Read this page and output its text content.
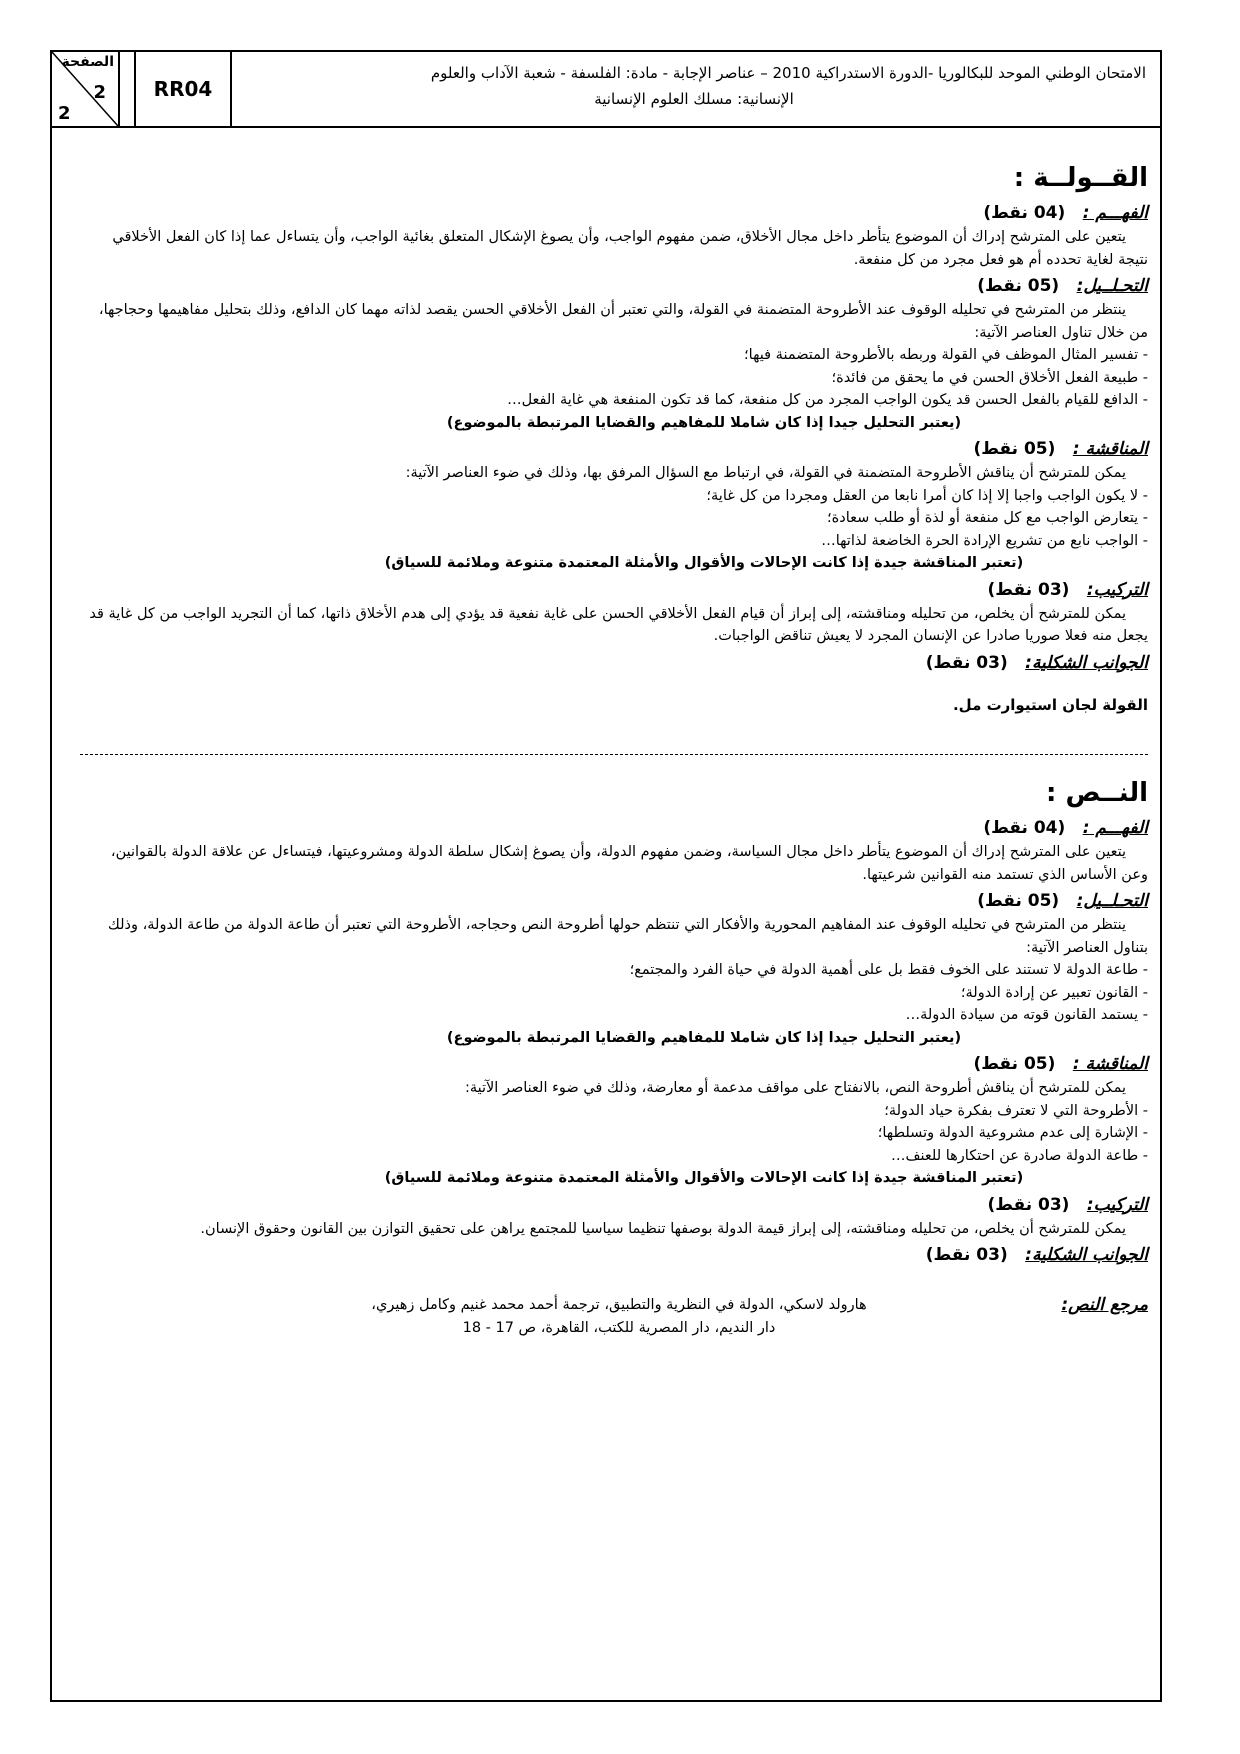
الصفحة
2
2
RR04
الامتحان الوطني الموحد للبكالوريا -الدورة الاستدراكية 2010 – عناصر الإجابة - مادة: الفلسفة - شعبة الآداب والعلوم
الإنسانية: مسلك العلوم الإنسانية
القــولــة :
الفهـــم : (04 نقط)

يتعين على المترشح إدراك أن الموضوع يتأطر داخل مجال الأخلاق، ضمن مفهوم الواجب، وأن يصوغ الإشكال المتعلق بغائية الواجب، وأن يتساءل عما إذا كان الفعل الأخلاقي نتيجة لغاية تحدده أم هو فعل مجرد من كل منفعة.

التحـلــيل: (05 نقط)

ينتظر من المترشح في تحليله الوقوف عند الأطروحة المتضمنة في القولة، والتي تعتبر أن الفعل الأخلاقي الحسن يقصد لذاته مهما كان الدافع، وذلك بتحليل مفاهيمها وحجاجها، من خلال تناول العناصر الآتية:

- تفسير المثال الموظف في القولة وربطه بالأطروحة المتضمنة فيها؛

- طبيعة الفعل الأخلاق الحسن في ما يحقق من فائدة؛

- الدافع للقيام بالفعل الحسن قد يكون الواجب المجرد من كل منفعة، كما قد تكون المنفعة هي غاية الفعل…

(يعتبر التحليل جيدا إذا كان شاملا للمفاهيم والقضايا المرتبطة بالموضوع)

المناقشة : (05 نقط)

يمكن للمترشح أن يناقش الأطروحة المتضمنة في القولة، في ارتباط مع السؤال المرفق بها، وذلك في ضوء العناصر الآتية:

- لا يكون الواجب واجبا إلا إذا كان أمرا نابعا من العقل ومجردا من كل غاية؛

- يتعارض الواجب مع كل منفعة أو لذة أو طلب سعادة؛

- الواجب نابع من تشريع الإرادة الحرة الخاضعة لذاتها…

(تعتبر المناقشة جيدة إذا كانت الإحالات والأقوال والأمثلة المعتمدة متنوعة وملائمة للسياق)

التركيب: (03 نقط)

يمكن للمترشح أن يخلص، من تحليله ومناقشته، إلى إبراز أن قيام الفعل الأخلاقي الحسن على غاية نفعية قد يؤدي إلى هدم الأخلاق ذاتها، كما أن التجريد الواجب من كل غاية قد يجعل منه فعلا صوريا صادرا عن الإنسان المجرد لا يعيش تناقض الواجبات.

الجوانب الشكلية: (03 نقط)

القولة لجان استيوارت مل.

النــص :
الفهـــم : (04 نقط)

يتعين على المترشح إدراك أن الموضوع يتأطر داخل مجال السياسة، وضمن مفهوم الدولة، وأن يصوغ إشكال سلطة الدولة ومشروعيتها، فيتساءل عن علاقة الدولة بالقوانين، وعن الأساس الذي تستمد منه القوانين شرعيتها.

التحـلــيل: (05 نقط)

ينتظر من المترشح في تحليله الوقوف عند المفاهيم المحورية والأفكار التي تنتظم حولها أطروحة النص وحجاجه، الأطروحة التي تعتبر أن طاعة الدولة من طاعة الدولة، وذلك بتناول العناصر الآتية:

- طاعة الدولة لا تستند على الخوف فقط بل على أهمية الدولة في حياة الفرد والمجتمع؛

- القانون تعبير عن إرادة الدولة؛

- يستمد القانون قوته من سيادة الدولة…

(يعتبر التحليل جيدا إذا كان شاملا للمفاهيم والقضايا المرتبطة بالموضوع)

المناقشة : (05 نقط)

يمكن للمترشح أن يناقش أطروحة النص، بالانفتاح على مواقف مدعمة أو معارضة، وذلك في ضوء العناصر الآتية:

- الأطروحة التي لا تعترف بفكرة حياد الدولة؛

- الإشارة إلى عدم مشروعية الدولة وتسلطها؛

- طاعة الدولة صادرة عن احتكارها للعنف…

(تعتبر المناقشة جيدة إذا كانت الإحالات والأقوال والأمثلة المعتمدة متنوعة وملائمة للسياق)

التركيب: (03 نقط)

يمكن للمترشح أن يخلص، من تحليله ومناقشته، إلى إبراز قيمة الدولة بوصفها تنظيما سياسيا للمجتمع يراهن على تحقيق التوازن بين القانون وحقوق الإنسان.

الجوانب الشكلية: (03 نقط)
مرجع النص:
هارولد لاسكي، الدولة في النظرية والتطبيق، ترجمة أحمد محمد غنيم وكامل زهيري،
دار النديم، دار المصرية للكتب، القاهرة، ص 17 - 18
